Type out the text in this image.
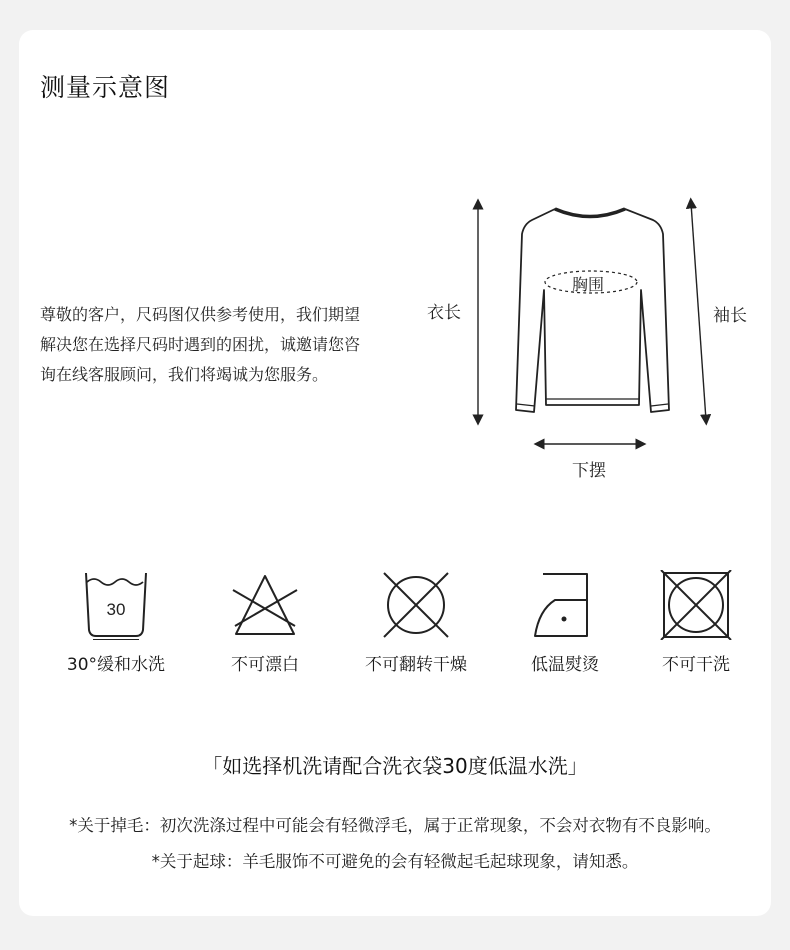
测量示意图
尊敬的客户，尺码图仅供参考使用，我们期望解决您在选择尺码时遇到的困扰，诚邀请您咨询在线客服顾问，我们将竭诚为您服务。
胸围
衣长	袖长
下摆
30
30°缓和水洗	不可漂白	不可翻转干燥	低温熨烫	不可干洗
「如选择机洗请配合洗衣袋30度低温水洗」
*关于掉毛：初次洗涤过程中可能会有轻微浮毛，属于正常现象，不会对衣物有不良影响。
*关于起球：羊毛服饰不可避免的会有轻微起毛起球现象，请知悉。
